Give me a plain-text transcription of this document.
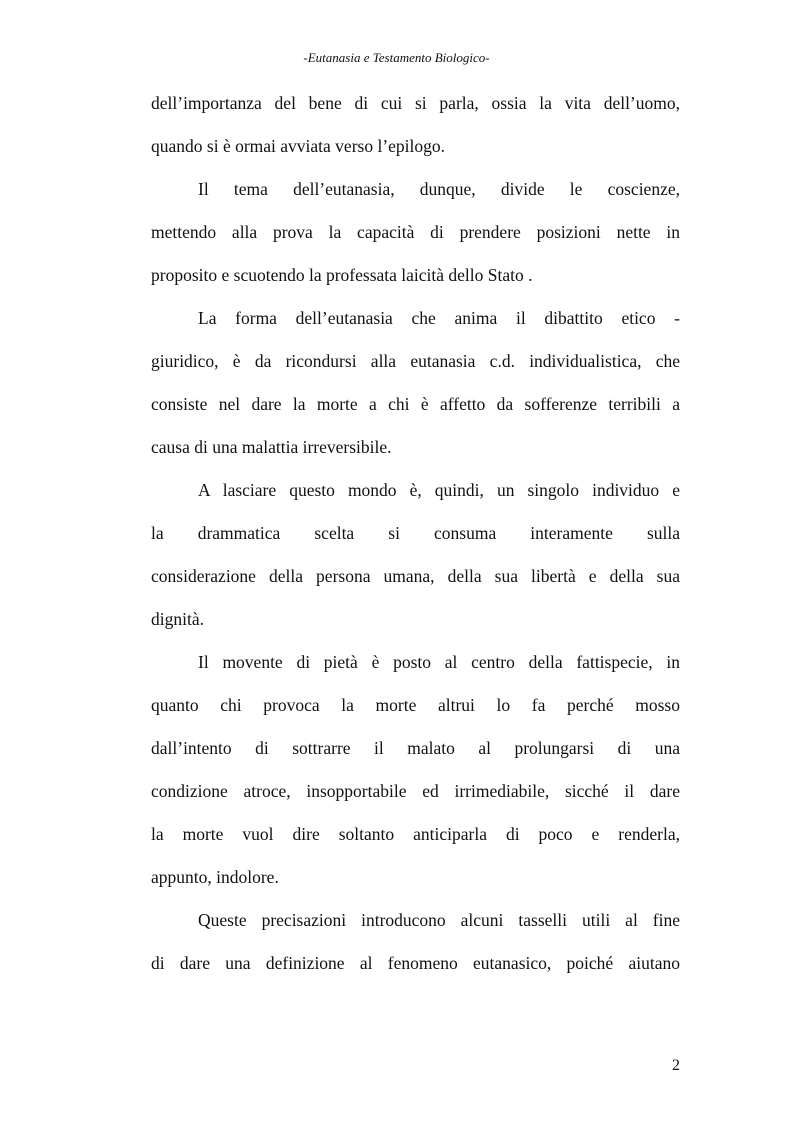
-Eutanasia e Testamento Biologico-
dell’importanza del bene di cui si parla, ossia la vita dell’uomo,
quando si è ormai avviata verso l’epilogo.
Il tema dell’eutanasia, dunque, divide le coscienze,
mettendo alla prova la capacità di prendere posizioni nette in
proposito e scuotendo la professata laicità dello Stato .
La forma dell’eutanasia che anima il dibattito etico -
giuridico, è da ricondursi alla eutanasia c.d. individualistica, che
consiste nel dare la morte a chi è affetto da sofferenze terribili a
causa di una malattia irreversibile.
A lasciare questo mondo è, quindi, un singolo individuo e
la drammatica scelta si consuma interamente sulla
considerazione della persona umana, della sua libertà e della sua
dignità.
Il movente di pietà è posto al centro della fattispecie, in
quanto chi provoca la morte altrui lo fa perché mosso
dall’intento di sottrarre il malato al prolungarsi di una
condizione atroce, insopportabile ed irrimediabile, sicché il dare
la morte vuol dire soltanto anticiparla di poco e renderla,
appunto, indolore.
Queste precisazioni introducono alcuni tasselli utili al fine
di dare una definizione al fenomeno eutanasico, poiché aiutano
2
